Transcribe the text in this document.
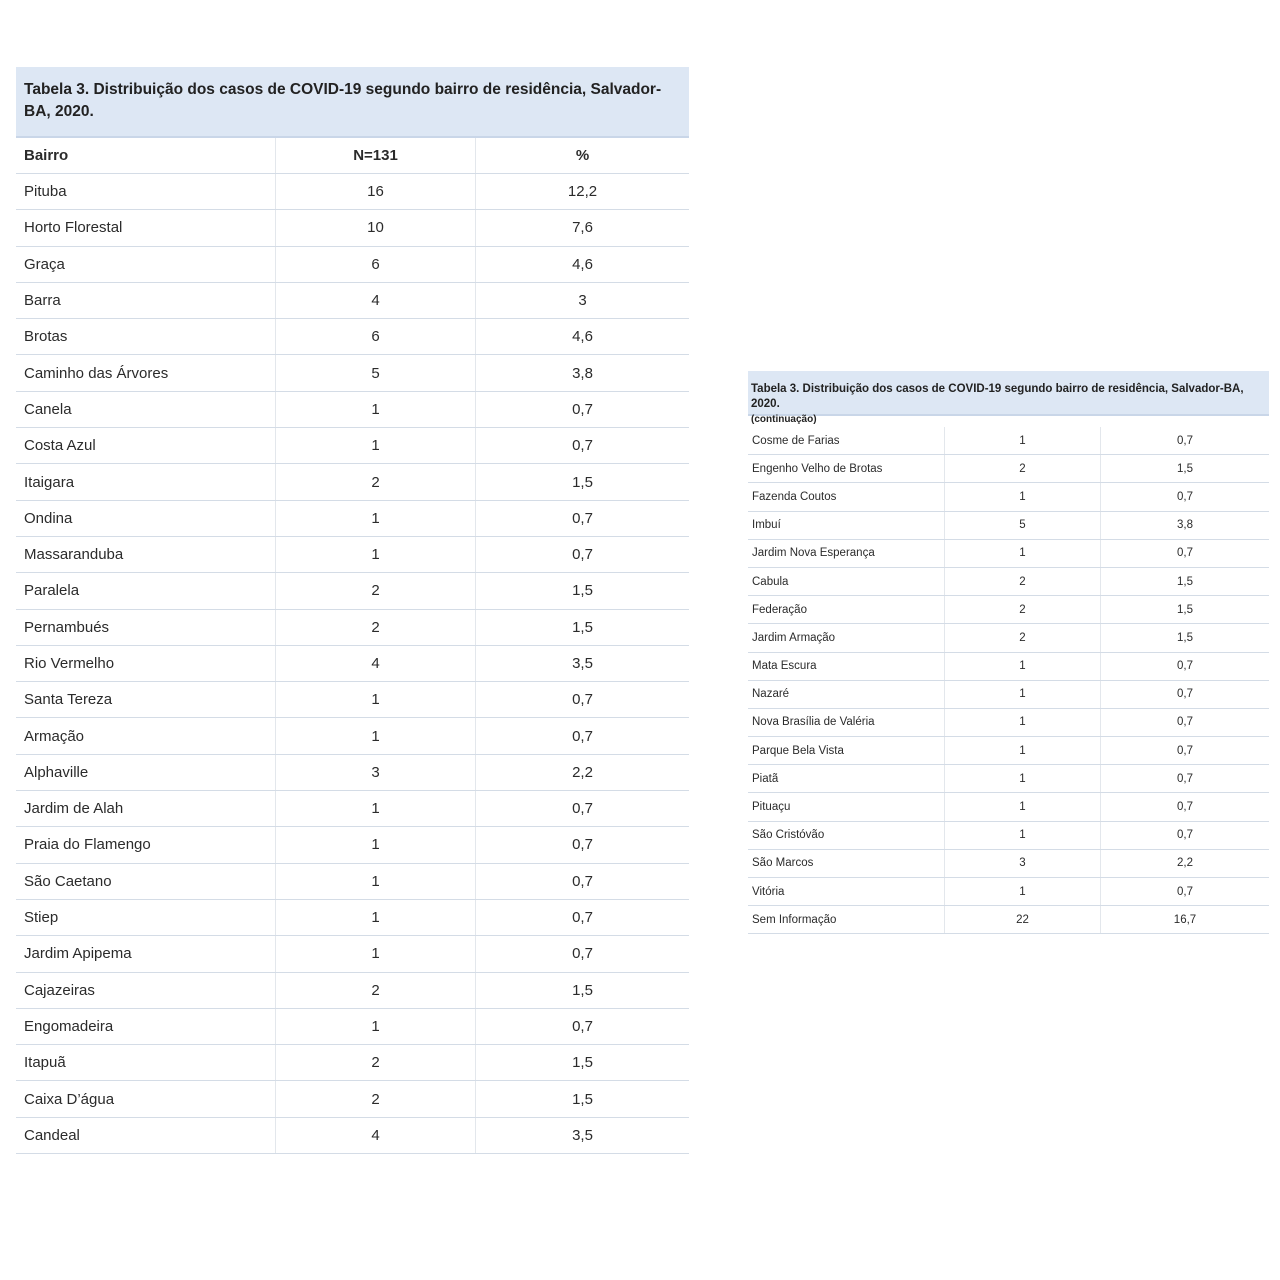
Tabela 3. Distribuição dos casos de COVID-19 segundo bairro de residência, Salvador-BA, 2020.
Bairro	N=131	%
Pituba	16	12,2
Horto Florestal	10	7,6
Graça	6	4,6
Barra	4	3
Brotas	6	4,6
Caminho das Árvores	5	3,8
Canela	1	0,7
Costa Azul	1	0,7
Itaigara	2	1,5
Ondina	1	0,7
Massaranduba	1	0,7
Paralela	2	1,5
Pernambués	2	1,5
Rio Vermelho	4	3,5
Santa Tereza	1	0,7
Armação	1	0,7
Alphaville	3	2,2
Jardim de Alah	1	0,7
Praia do Flamengo	1	0,7
São Caetano	1	0,7
Stiep	1	0,7
Jardim Apipema	1	0,7
Cajazeiras	2	1,5
Engomadeira	1	0,7
Itapuã	2	1,5
Caixa D’água	2	1,5
Candeal	4	3,5
Tabela 3. Distribuição dos casos de COVID-19 segundo bairro de residência, Salvador-BA, 2020.
(continuação)
Cosme de Farias	1	0,7
Engenho Velho de Brotas	2	1,5
Fazenda Coutos	1	0,7
Imbuí	5	3,8
Jardim Nova Esperança	1	0,7
Cabula	2	1,5
Federação	2	1,5
Jardim Armação	2	1,5
Mata Escura	1	0,7
Nazaré	1	0,7
Nova Brasília de Valéria	1	0,7
Parque Bela Vista	1	0,7
Piatã	1	0,7
Pituaçu	1	0,7
São Cristóvão	1	0,7
São Marcos	3	2,2
Vitória	1	0,7
Sem Informação	22	16,7
